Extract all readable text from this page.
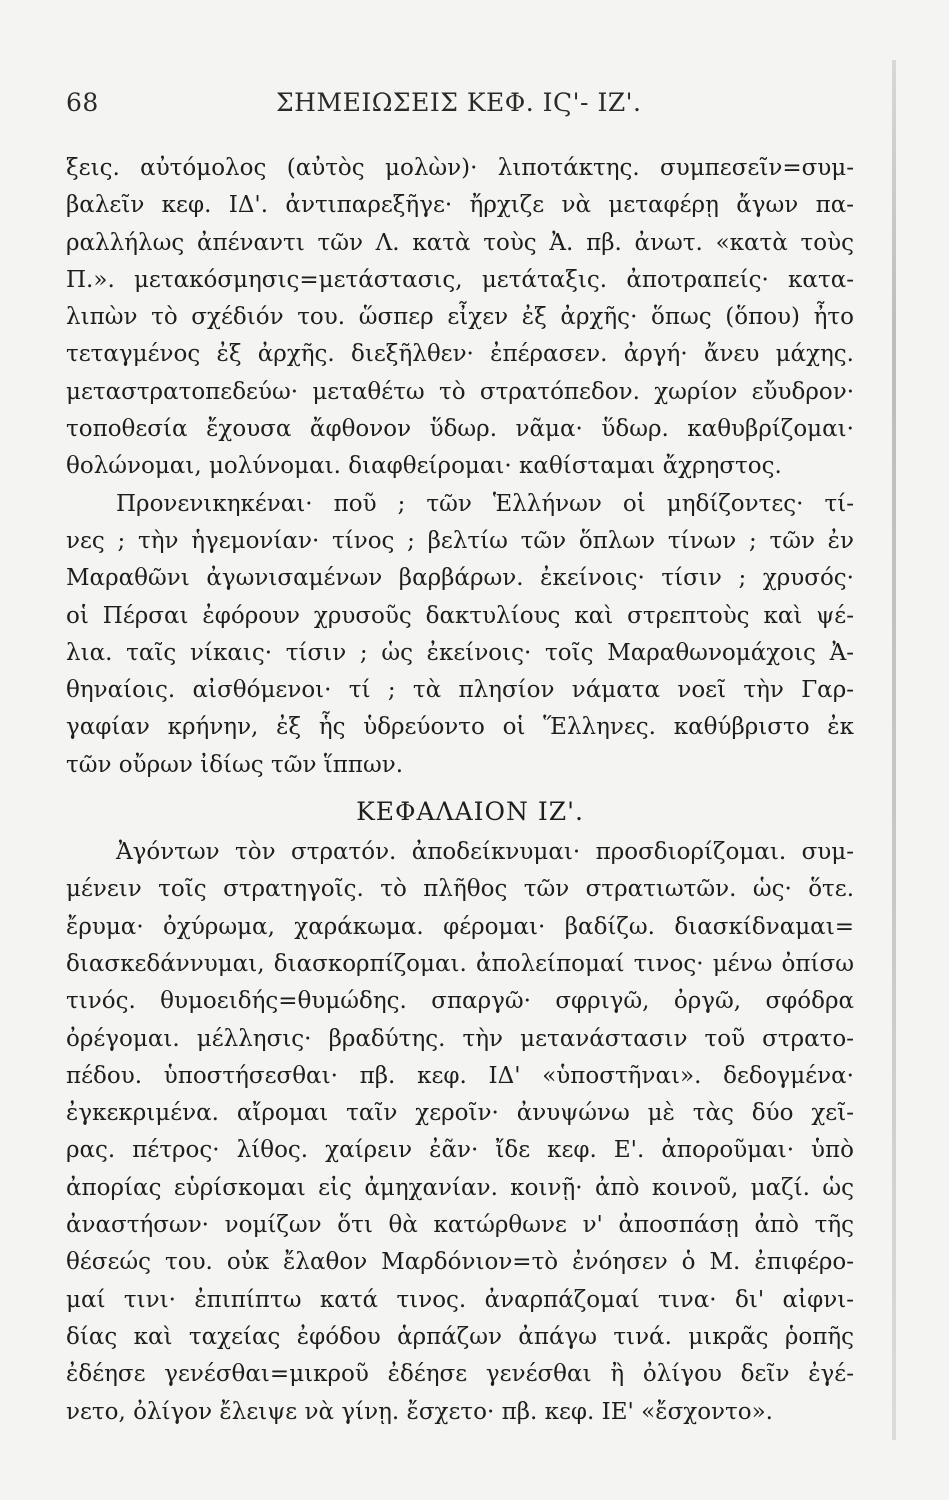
68	ΣΗΜΕΙΩΣΕΙΣ ΚΕΦ. ΙϚ'- ΙΖ'.
ξεις. αὐτόμολος (αὐτὸς μολὼν)· λιποτάκτης. συμπεσεῖν=συμ-
βαλεῖν κεφ. ΙΔ'. ἀντιπαρεξῆγε· ἤρχιζε νὰ μεταφέρῃ ἄγων πα-
ραλλήλως ἀπέναντι τῶν Λ. κατὰ τοὺς Ἀ. πβ. ἀνωτ. «κατὰ τοὺς
Π.». μετακόσμησις=μετάστασις, μετάταξις. ἀποτραπείς· κατα-
λιπὼν τὸ σχέδιόν του. ὥσπερ εἶχεν ἐξ ἀρχῆς· ὅπως (ὅπου) ἦτο
τεταγμένος ἐξ ἀρχῆς. διεξῆλθεν· ἐπέρασεν. ἀργή· ἄνευ μάχης.
μεταστρατοπεδεύω· μεταθέτω τὸ στρατόπεδον. χωρίον εὔυδρον·
τοποθεσία ἔχουσα ἄφθονον ὕδωρ. νᾶμα· ὕδωρ. καθυβρίζομαι·
θολώνομαι, μολύνομαι. διαφθείρομαι· καθίσταμαι ἄχρηστος.
Προνενικηκέναι· ποῦ ; τῶν Ἑλλήνων οἱ μηδίζοντες· τί-
νες ; τὴν ἡγεμονίαν· τίνος ; βελτίω τῶν ὅπλων τίνων ; τῶν ἐν
Μαραθῶνι ἀγωνισαμένων βαρβάρων. ἐκείνοις· τίσιν ; χρυσός·
οἱ Πέρσαι ἐφόρουν χρυσοῦς δακτυλίους καὶ στρεπτοὺς καὶ ψέ-
λια. ταῖς νίκαις· τίσιν ; ὡς ἐκείνοις· τοῖς Μαραθωνομάχοις Ἀ-
θηναίοις. αἰσθόμενοι· τί ; τὰ πλησίον νάματα νοεῖ τὴν Γαρ-
γαφίαν κρήνην, ἐξ ἧς ὑδρεύοντο οἱ Ἕλληνες. καθύβριστο ἐκ
τῶν οὔρων ἰδίως τῶν ἵππων.
ΚΕΦΑΛΑΙΟΝ ΙΖ'.
Ἀγόντων τὸν στρατόν. ἀποδείκνυμαι· προσδιορίζομαι. συμ-
μένειν τοῖς στρατηγοῖς. τὸ πλῆθος τῶν στρατιωτῶν. ὡς· ὅτε.
ἔρυμα· ὀχύρωμα, χαράκωμα. φέρομαι· βαδίζω. διασκίδναμαι=
διασκεδάννυμαι, διασκορπίζομαι. ἀπολείπομαί τινος· μένω ὀπίσω
τινός. θυμοειδής=θυμώδης. σπαργῶ· σφριγῶ, ὀργῶ, σφόδρα
ὀρέγομαι. μέλλησις· βραδύτης. τὴν μετανάστασιν τοῦ στρατο-
πέδου. ὑποστήσεσθαι· πβ. κεφ. ΙΔ' «ὑποστῆναι». δεδογμένα·
ἐγκεκριμένα. αἴρομαι ταῖν χεροῖν· ἀνυψώνω μὲ τὰς δύο χεῖ-
ρας. πέτρος· λίθος. χαίρειν ἐᾶν· ἴδε κεφ. Ε'. ἀποροῦμαι· ὑπὸ
ἀπορίας εὑρίσκομαι εἰς ἀμηχανίαν. κοινῇ· ἀπὸ κοινοῦ, μαζί. ὡς
ἀναστήσων· νομίζων ὅτι θὰ κατώρθωνε ν' ἀποσπάσῃ ἀπὸ τῆς
θέσεώς του. οὐκ ἔλαθον Μαρδόνιον=τὸ ἐνόησεν ὁ Μ. ἐπιφέρο-
μαί τινι· ἐπιπίπτω κατά τινος. ἀναρπάζομαί τινα· δι' αἰφνι-
δίας καὶ ταχείας ἐφόδου ἁρπάζων ἀπάγω τινά. μικρᾶς ῥοπῆς
ἐδέησε γενέσθαι=μικροῦ ἐδέησε γενέσθαι ἢ ὀλίγου δεῖν ἐγέ-
νετο, ὀλίγον ἔλειψε νὰ γίνῃ. ἔσχετο· πβ. κεφ. ΙΕ' «ἔσχοντο».
